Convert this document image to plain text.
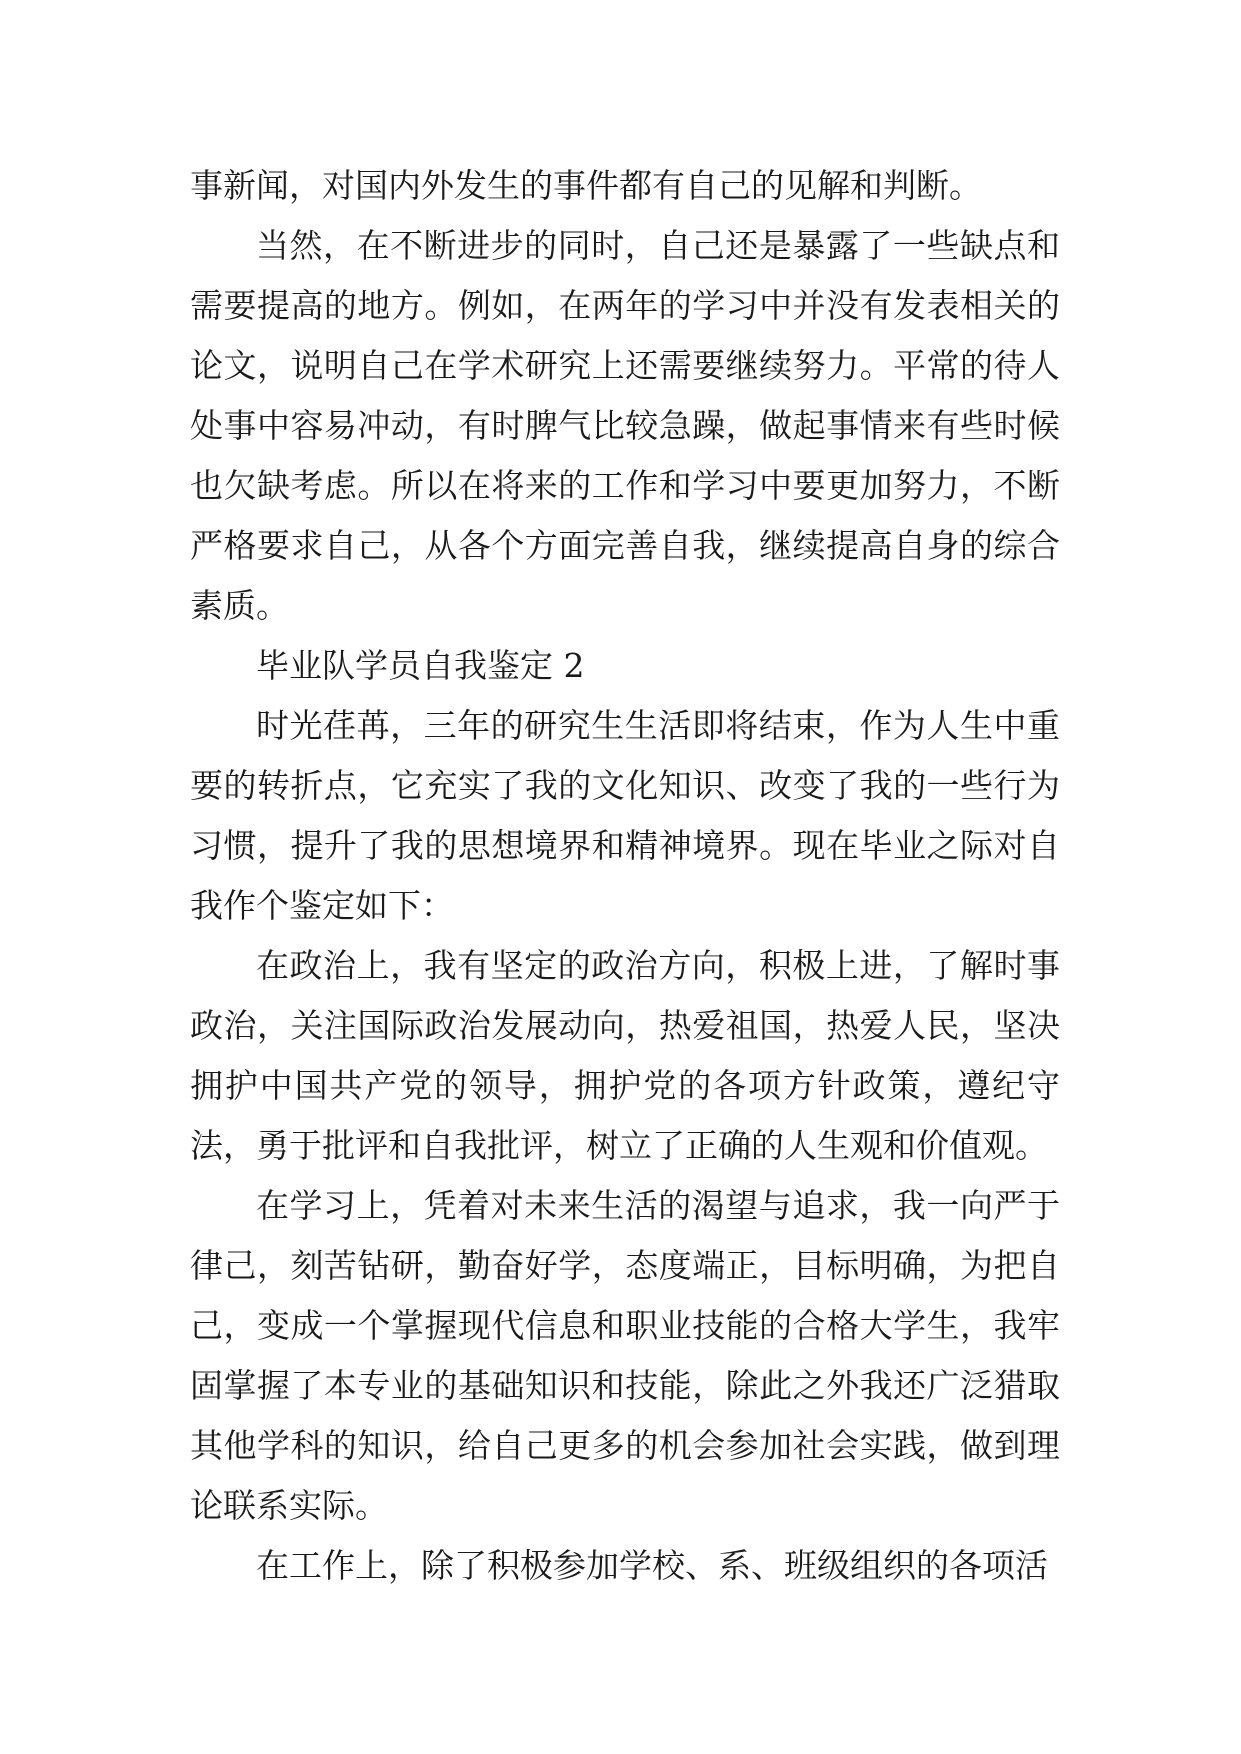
事新闻，对国内外发生的事件都有自己的见解和判断。

当然，在不断进步的同时，自己还是暴露了一些缺点和需要提高的地方。例如，在两年的学习中并没有发表相关的论文，说明自己在学术研究上还需要继续努力。平常的待人处事中容易冲动，有时脾气比较急躁，做起事情来有些时候也欠缺考虑。所以在将来的工作和学习中要更加努力，不断严格要求自己，从各个方面完善自我，继续提高自身的综合素质。

毕业队学员自我鉴定 2

时光荏苒，三年的研究生生活即将结束，作为人生中重要的转折点，它充实了我的文化知识、改变了我的一些行为习惯，提升了我的思想境界和精神境界。现在毕业之际对自我作个鉴定如下：

在政治上，我有坚定的政治方向，积极上进，了解时事政治，关注国际政治发展动向，热爱祖国，热爱人民，坚决拥护中国共产党的领导，拥护党的各项方针政策，遵纪守法，勇于批评和自我批评，树立了正确的人生观和价值观。

在学习上，凭着对未来生活的渴望与追求，我一向严于律己，刻苦钻研，勤奋好学，态度端正，目标明确，为把自己，变成一个掌握现代信息和职业技能的合格大学生，我牢固掌握了本专业的基础知识和技能，除此之外我还广泛猎取其他学科的知识，给自己更多的机会参加社会实践，做到理论联系实际。

在工作上，除了积极参加学校、系、班级组织的各项活
